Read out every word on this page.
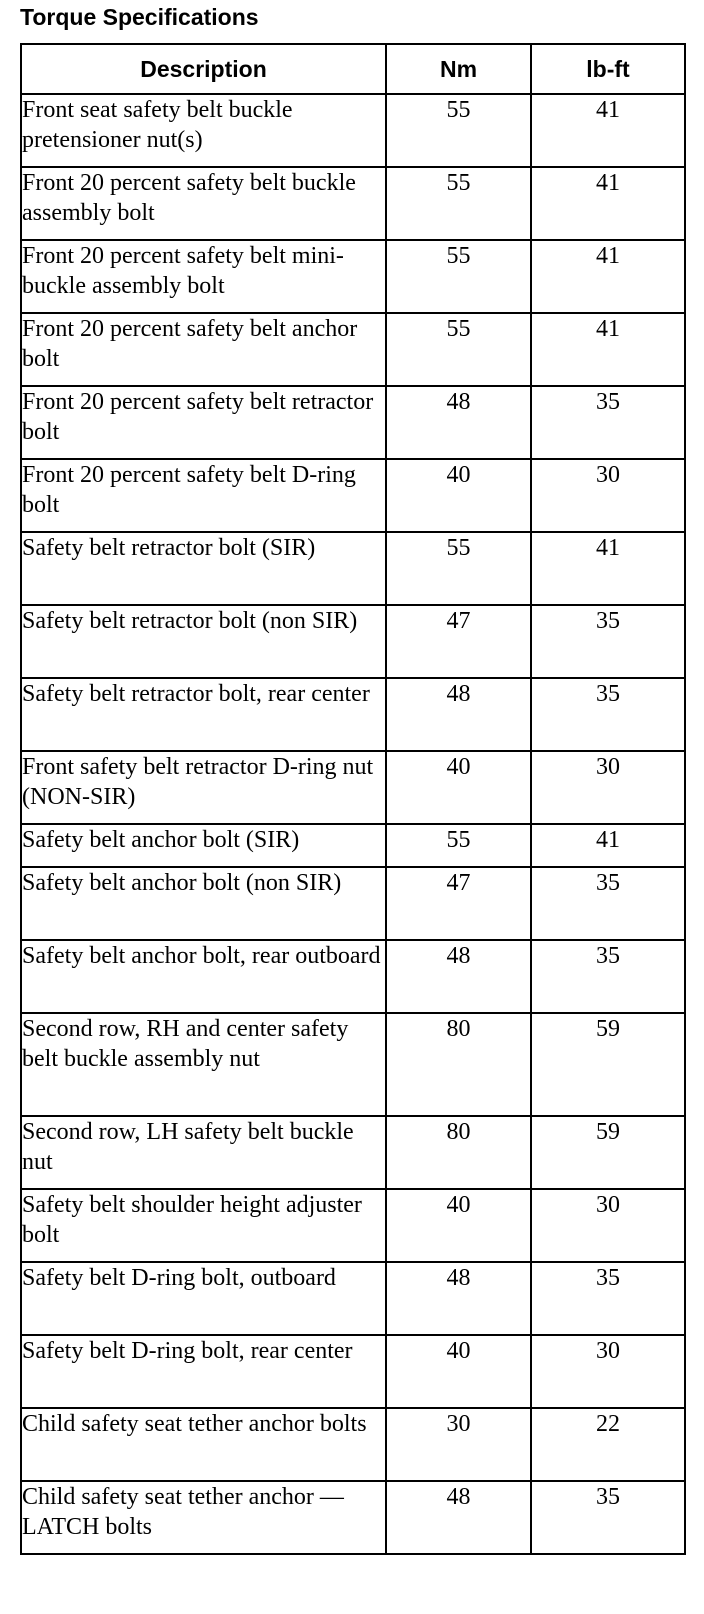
Torque Specifications
Description	Nm	lb-ft
Front seat safety belt buckle pretensioner nut(s)	55	41
Front 20 percent safety belt buckle assembly bolt	55	41
Front 20 percent safety belt mini-buckle assembly bolt	55	41
Front 20 percent safety belt anchor bolt	55	41
Front 20 percent safety belt retractor bolt	48	35
Front 20 percent safety belt D-ring bolt	40	30
Safety belt retractor bolt (SIR)	55	41
Safety belt retractor bolt (non SIR)	47	35
Safety belt retractor bolt, rear center	48	35
Front safety belt retractor D-ring nut (NON-SIR)	40	30
Safety belt anchor bolt (SIR)	55	41
Safety belt anchor bolt (non SIR)	47	35
Safety belt anchor bolt, rear outboard	48	35
Second row, RH and center safety belt buckle assembly nut	80	59
Second row, LH safety belt buckle nut	80	59
Safety belt shoulder height adjuster bolt	40	30
Safety belt D-ring bolt, outboard	48	35
Safety belt D-ring bolt, rear center	40	30
Child safety seat tether anchor bolts	30	22
Child safety seat tether anchor — LATCH bolts	48	35
